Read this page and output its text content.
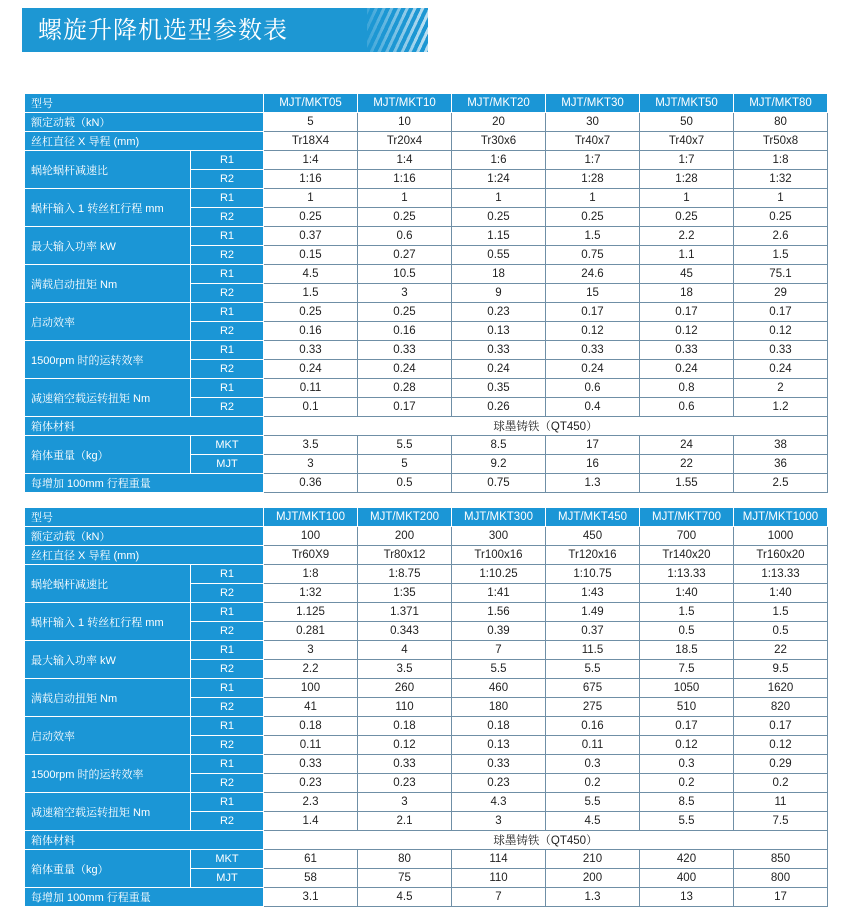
螺旋升降机选型参数表
型号		MJT/MKT05	MJT/MKT10	MJT/MKT20	MJT/MKT30	MJT/MKT50	MJT/MKT80
额定动载（kN）		5	10	20	30	50	80
丝杠直径 X 导程 (mm)		Tr18X4	Tr20x4	Tr30x6	Tr40x7	Tr40x7	Tr50x8
蜗轮蜗杆减速比	R1	1:4	1:4	1:6	1:7	1:7	1:8
	R2	1:16	1:16	1:24	1:28	1:28	1:32
蜗杆输入 1 转丝杠行程 mm	R1	1	1	1	1	1	1
	R2	0.25	0.25	0.25	0.25	0.25	0.25
最大输入功率 kW	R1	0.37	0.6	1.15	1.5	2.2	2.6
	R2	0.15	0.27	0.55	0.75	1.1	1.5
满载启动扭矩 Nm	R1	4.5	10.5	18	24.6	45	75.1
	R2	1.5	3	9	15	18	29
启动效率	R1	0.25	0.25	0.23	0.17	0.17	0.17
	R2	0.16	0.16	0.13	0.12	0.12	0.12
1500rpm 时的运转效率	R1	0.33	0.33	0.33	0.33	0.33	0.33
	R2	0.24	0.24	0.24	0.24	0.24	0.24
减速箱空载运转扭矩 Nm	R1	0.11	0.28	0.35	0.6	0.8	2
	R2	0.1	0.17	0.26	0.4	0.6	1.2
箱体材料		球墨铸铁（QT450）					
箱体重量（kg）	MKT	3.5	5.5	8.5	17	24	38
	MJT	3	5	9.2	16	22	36
每增加 100mm 行程重量		0.36	0.5	0.75	1.3	1.55	2.5
型号		MJT/MKT100	MJT/MKT200	MJT/MKT300	MJT/MKT450	MJT/MKT700	MJT/MKT1000
额定动载（kN）		100	200	300	450	700	1000
丝杠直径 X 导程 (mm)		Tr60X9	Tr80x12	Tr100x16	Tr120x16	Tr140x20	Tr160x20
蜗轮蜗杆减速比	R1	1:8	1:8.75	1:10.25	1:10.75	1:13.33	1:13.33
	R2	1:32	1:35	1:41	1:43	1:40	1:40
蜗杆输入 1 转丝杠行程 mm	R1	1.125	1.371	1.56	1.49	1.5	1.5
	R2	0.281	0.343	0.39	0.37	0.5	0.5
最大输入功率 kW	R1	3	4	7	11.5	18.5	22
	R2	2.2	3.5	5.5	5.5	7.5	9.5
满载启动扭矩 Nm	R1	100	260	460	675	1050	1620
	R2	41	110	180	275	510	820
启动效率	R1	0.18	0.18	0.18	0.16	0.17	0.17
	R2	0.11	0.12	0.13	0.11	0.12	0.12
1500rpm 时的运转效率	R1	0.33	0.33	0.33	0.3	0.3	0.29
	R2	0.23	0.23	0.23	0.2	0.2	0.2
减速箱空载运转扭矩 Nm	R1	2.3	3	4.3	5.5	8.5	11
	R2	1.4	2.1	3	4.5	5.5	7.5
箱体材料		球墨铸铁（QT450）					
箱体重量（kg）	MKT	61	80	114	210	420	850
	MJT	58	75	110	200	400	800
每增加 100mm 行程重量		3.1	4.5	7	1.3	13	17
